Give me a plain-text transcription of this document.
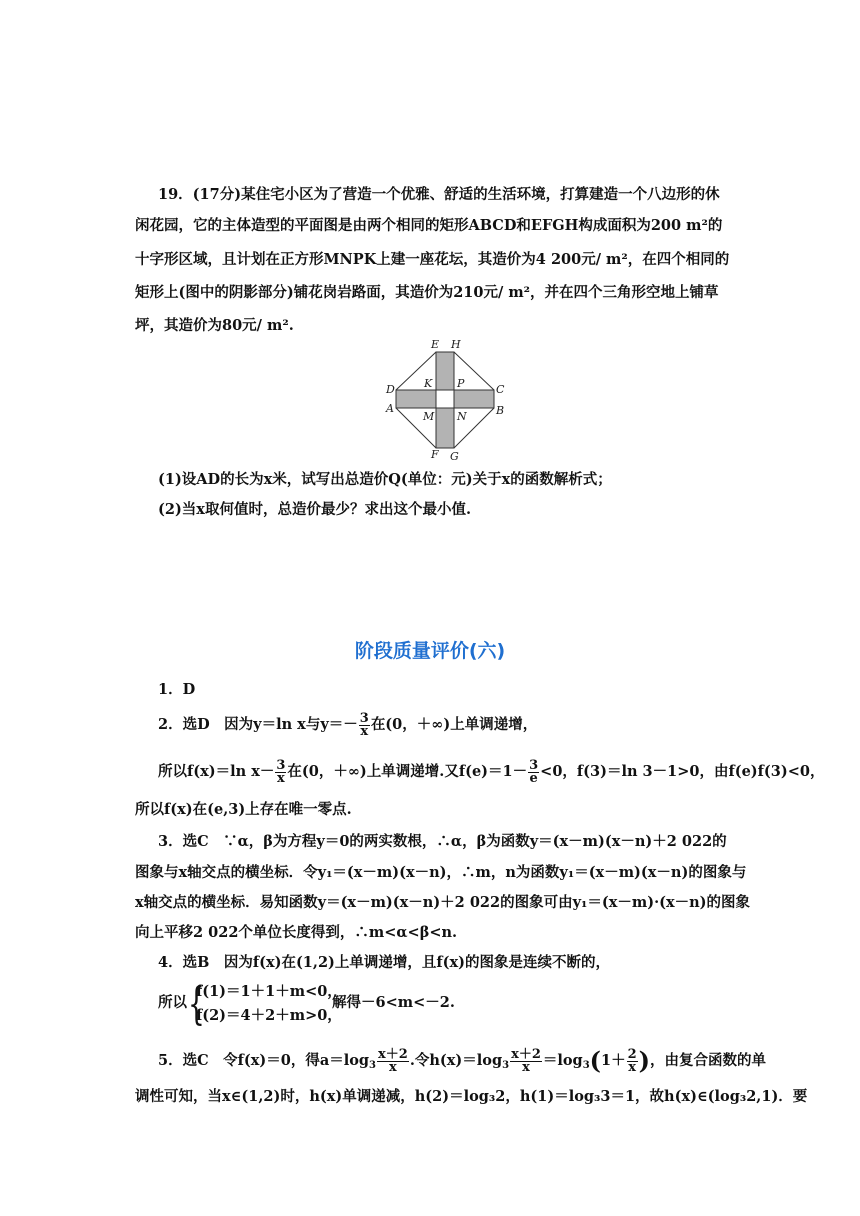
19．(17分)某住宅小区为了营造一个优雅、舒适的生活环境，打算建造一个八边形的休
闲花园，它的主体造型的平面图是由两个相同的矩形ABCD和EFGH构成面积为200 m²的
十字形区域，且计划在正方形MNPK上建一座花坛，其造价为4 200元/ m²，在四个相同的
矩形上(图中的阴影部分)铺花岗岩路面，其造价为210元/ m²，并在四个三角形空地上铺草
坪，其造价为80元/ m².
E H
D	C
K P
A	B
M N
F G
(1)设AD的长为x米，试写出总造价Q(单位：元)关于x的函数解析式；
(2)当x取何值时，总造价最少？求出这个最小值.
阶段质量评价(六)
1．D
2．选D　因为y＝ln x与$y=- \frac{3}{x}$ 在(0，＋∞)上单调递增，
所以f(x)＝ln $x- \frac{3}{x}$ 在(0，＋∞)上单调递增.又$f(e)=1- \frac{3}{e} <0$，f(3)＝ln 3－1>0，由f(e)f(3)<0，
所以f(x)在(e,3)上存在唯一零点.
3．选C　∵α，β为方程y＝0的两实数根，∴α，β为函数y＝(x－m)(x－n)＋2 022的
图象与x轴交点的横坐标．令y₁＝(x－m)(x－n)，∴m，n为函数y₁＝(x－m)(x－n)的图象与
x轴交点的横坐标．易知函数y＝(x－m)(x－n)＋2 022的图象可由y₁＝(x－m)·(x－n)的图象
向上平移2 022个单位长度得到，∴m<α<β<n.
4．选B　因为f(x)在(1,2)上单调递增，且f(x)的图象是连续不断的，
所以 {
f(1)＝1＋1＋m<0，
f(2)＝4＋2＋m>0，
解得－6<m<－2.
5．选C　令f(x)＝0，得$a=\log_3 \frac{x+2}{x}$ .令$h(x)=\log_3 \frac{x+2}{x} =\log_3(1+ \frac{2}{x}$ )，由复合函数的单
调性可知，当x∈(1,2)时，h(x)单调递减，h(2)＝log₃2，h(1)＝log₃3＝1，故h(x)∈(log₃2,1)．要
